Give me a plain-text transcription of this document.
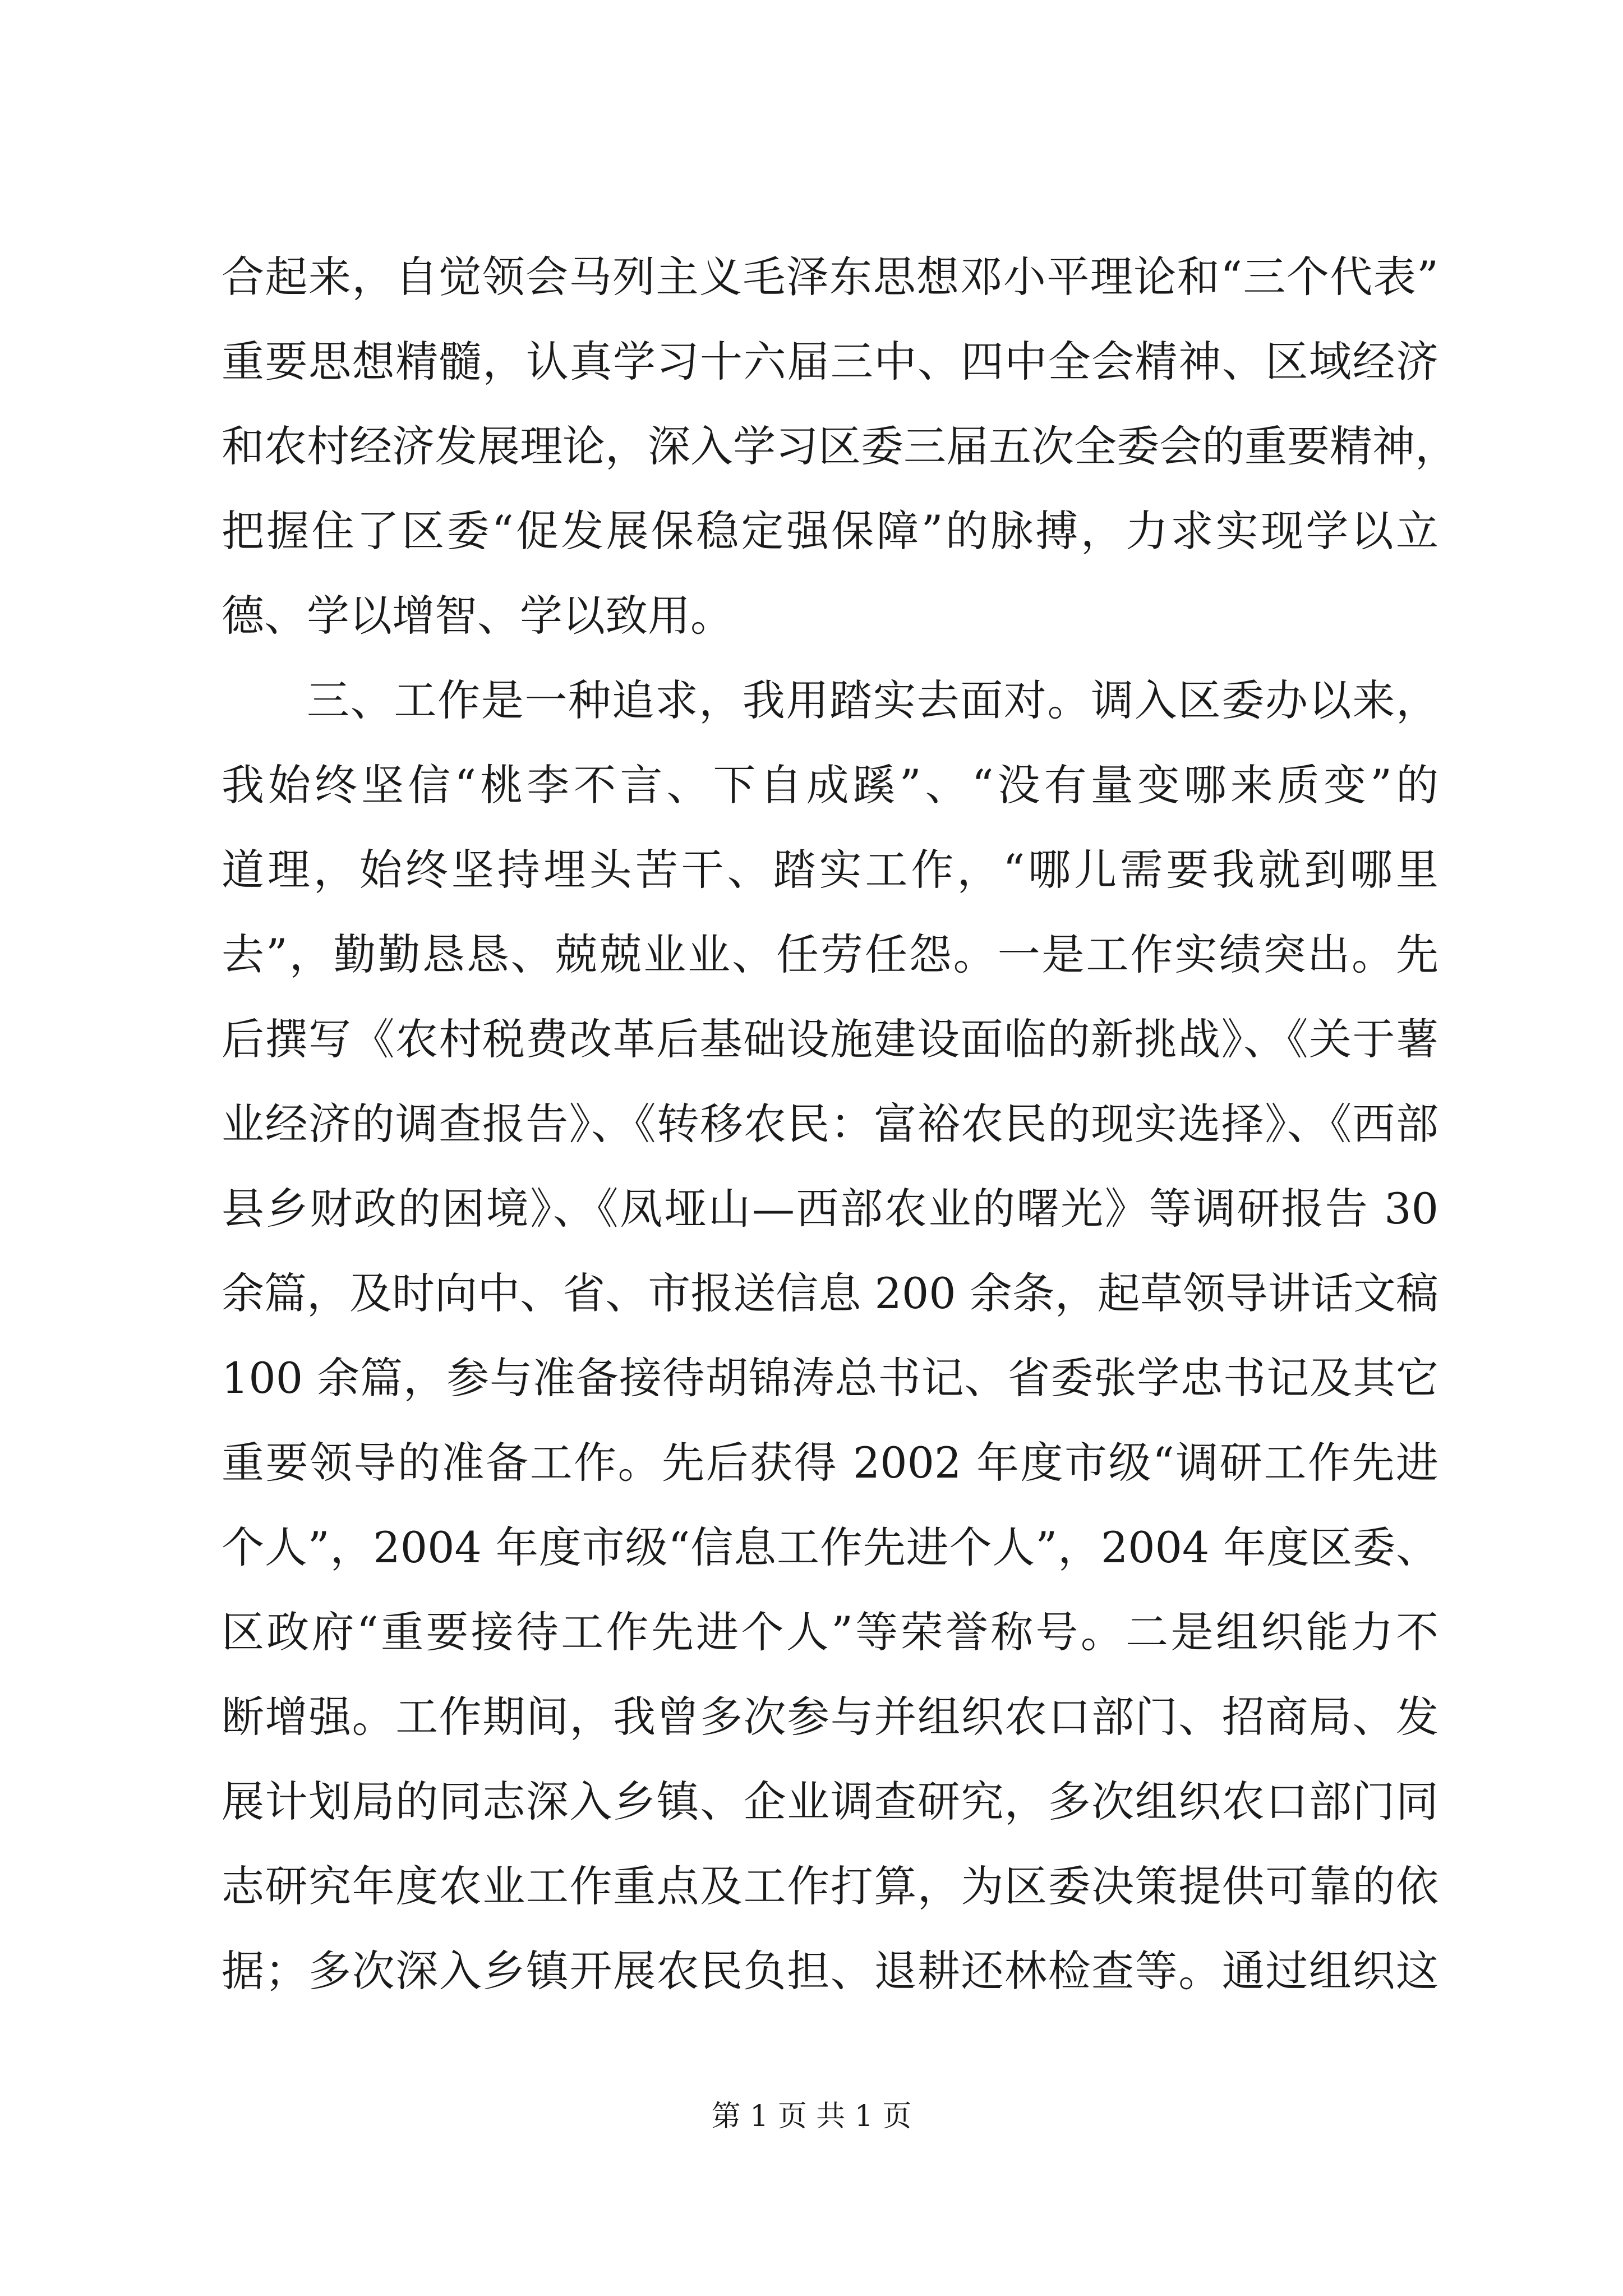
合起来，自觉领会马列主义毛泽东思想邓小平理论和“三个代表”
重要思想精髓，认真学习十六届三中、四中全会精神、区域经济
和农村经济发展理论，深入学习区委三届五次全委会的重要精神，
把握住了区委“促发展保稳定强保障”的脉搏，力求实现学以立
德、学以增智、学以致用。
三、工作是一种追求，我用踏实去面对。调入区委办以来，
我始终坚信“桃李不言、下自成蹊”、“没有量变哪来质变”的
道理，始终坚持埋头苦干、踏实工作，“哪儿需要我就到哪里
去”，勤勤恳恳、兢兢业业、任劳任怨。一是工作实绩突出。先
后撰写《农村税费改革后基础设施建设面临的新挑战》、《关于薯
业经济的调查报告》、《转移农民：富裕农民的现实选择》、《西部
县乡财政的困境》、《凤垭山—西部农业的曙光》等调研报告 30
余篇，及时向中、省、市报送信息 200 余条，起草领导讲话文稿
100 余篇，参与准备接待胡锦涛总书记、省委张学忠书记及其它
重要领导的准备工作。先后获得 2002 年度市级“调研工作先进
个人”，2004 年度市级“信息工作先进个人”，2004 年度区委、
区政府“重要接待工作先进个人”等荣誉称号。二是组织能力不
断增强。工作期间，我曾多次参与并组织农口部门、招商局、发
展计划局的同志深入乡镇、企业调查研究，多次组织农口部门同
志研究年度农业工作重点及工作打算，为区委决策提供可靠的依
据；多次深入乡镇开展农民负担、退耕还林检查等。通过组织这
第 1 页 共 1 页
